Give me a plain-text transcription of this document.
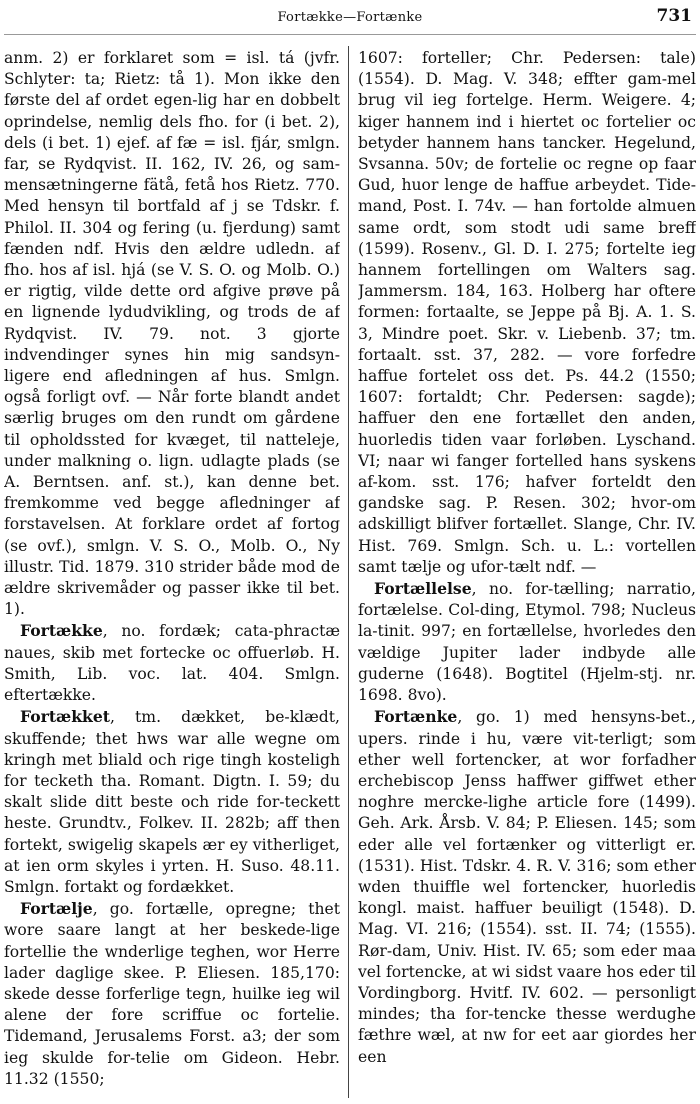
Fortække—Fortænke	731

anm. 2) er forklaret som = isl. tá (jvfr. Schlyter: ta; Rietz: tå 1). Mon ikke den første del af ordet egen-lig har en dobbelt oprindelse, nemlig dels fho. for (i bet. 2), dels (i bet. 1) ejef. af fæ = isl. fjár, smlgn. far, se Rydqvist. II. 162, IV. 26, og sam-mensætningerne fätå, fetå hos Rietz. 770. Med hensyn til bortfald af j se Tdskr. f. Philol. II. 304 og fering (u. fjerdung) samt fænden ndf. Hvis den ældre udledn. af fho. hos af isl. hjá (se V. S. O. og Molb. O.) er rigtig, vilde dette ord afgive prøve på en lignende lydudvikling, og trods de af Rydqvist. IV. 79. not. 3 gjorte indvendinger synes hin mig sandsyn-ligere end afledningen af hus. Smlgn. også forligt ovf. — Når forte blandt andet særlig bruges om den rundt om gårdene til opholdssted for kvæget, til natteleje, under malkning o. lign. udlagte plads (se A. Berntsen. anf. st.), kan denne bet. fremkomme ved begge afledninger af forstavelsen. At forklare ordet af fortog (se ovf.), smlgn. V. S. O., Molb. O., Ny illustr. Tid. 1879. 310 strider både mod de ældre skrivemåder og passer ikke til bet. 1).

Fortække, no. fordæk; cata-phractæ naues, skib met fortecke oc offuerløb. H. Smith, Lib. voc. lat. 404. Smlgn. eftertække.

Fortækket, tm. dækket, be-klædt, skuffende; thet hws war alle wegne om kringh met bliald och rige tingh kosteligh for tecketh tha. Romant. Digtn. I. 59; du skalt slide ditt beste och ride for-teckett heste. Grundtv., Folkev. II. 282b; aff then fortekt, swigelig skapels ær ey vitherliget, at ien orm skyles i yrten. H. Suso. 48.11. Smlgn. fortakt og fordækket.

Fortælje, go. fortælle, opregne; thet wore saare langt at her beskede-lige fortellie the wnderlige teghen, wor Herre lader daglige skee. P. Eliesen. 185,170: skede desse forferlige tegn, huilke ieg wil alene der fore scriffue oc fortelie. Tidemand, Jerusalems Forst. a3; der som ieg skulde for-telie om Gideon. Hebr. 11.32 (1550;

1607: forteller; Chr. Pedersen: tale) (1554). D. Mag. V. 348; effter gam-mel brug vil ieg fortelge. Herm. Weigere. 4; kiger hannem ind i hiertet oc fortelier oc betyder hannem hans tancker. Hegelund, Svsanna. 50v; de fortelie oc regne op faar Gud, huor lenge de haffue arbeydet. Tide-mand, Post. I. 74v. — han fortolde almuen same ordt, som stodt udi same breff (1599). Rosenv., Gl. D. I. 275; fortelte ieg hannem fortellingen om Walters sag. Jammersm. 184, 163. Holberg har oftere formen: fortaalte, se Jeppe på Bj. A. 1. S. 3, Mindre poet. Skr. v. Liebenb. 37; tm. fortaalt. sst. 37, 282. — vore forfedre haffue fortelet oss det. Ps. 44.2 (1550; 1607: fortaldt; Chr. Pedersen: sagde); haffuer den ene fortællet den anden, huorledis tiden vaar forløben. Lyschand. VI; naar wi fanger fortelled hans syskens af-kom. sst. 176; hafver forteldt den gandske sag. P. Resen. 302; hvor-om adskilligt blifver fortællet. Slange, Chr. IV. Hist. 769. Smlgn. Sch. u. L.: vortellen samt tælje og ufor-tælt ndf. —

Fortællelse, no. for-tælling; narratio, fortælelse. Col-ding, Etymol. 798; Nucleus la-tinit. 997; en fortællelse, hvorledes den vældige Jupiter lader indbyde alle guderne (1648). Bogtitel (Hjelm-stj. nr. 1698. 8vo).

Fortænke, go. 1) med hensyns-bet., upers. rinde i hu, være vit-terligt; som ether well fortencker, at wor forfadher erchebiscop Jenss haffwer giffwet ether noghre mercke-lighe article fore (1499). Geh. Ark. Årsb. V. 84; P. Eliesen. 145; som eder alle vel fortænker og vitterligt er. (1531). Hist. Tdskr. 4. R. V. 316; som ether wden thuiffle wel fortencker, huorledis kongl. maist. haffuer beuiligt (1548). D. Mag. VI. 216; (1554). sst. II. 74; (1555). Rør-dam, Univ. Hist. IV. 65; som eder maa vel fortencke, at wi sidst vaare hos eder til Vordingborg. Hvitf. IV. 602. — personligt mindes; tha for-tencke thesse werdughe fæthre wæl, at nw for eet aar giordes her een
